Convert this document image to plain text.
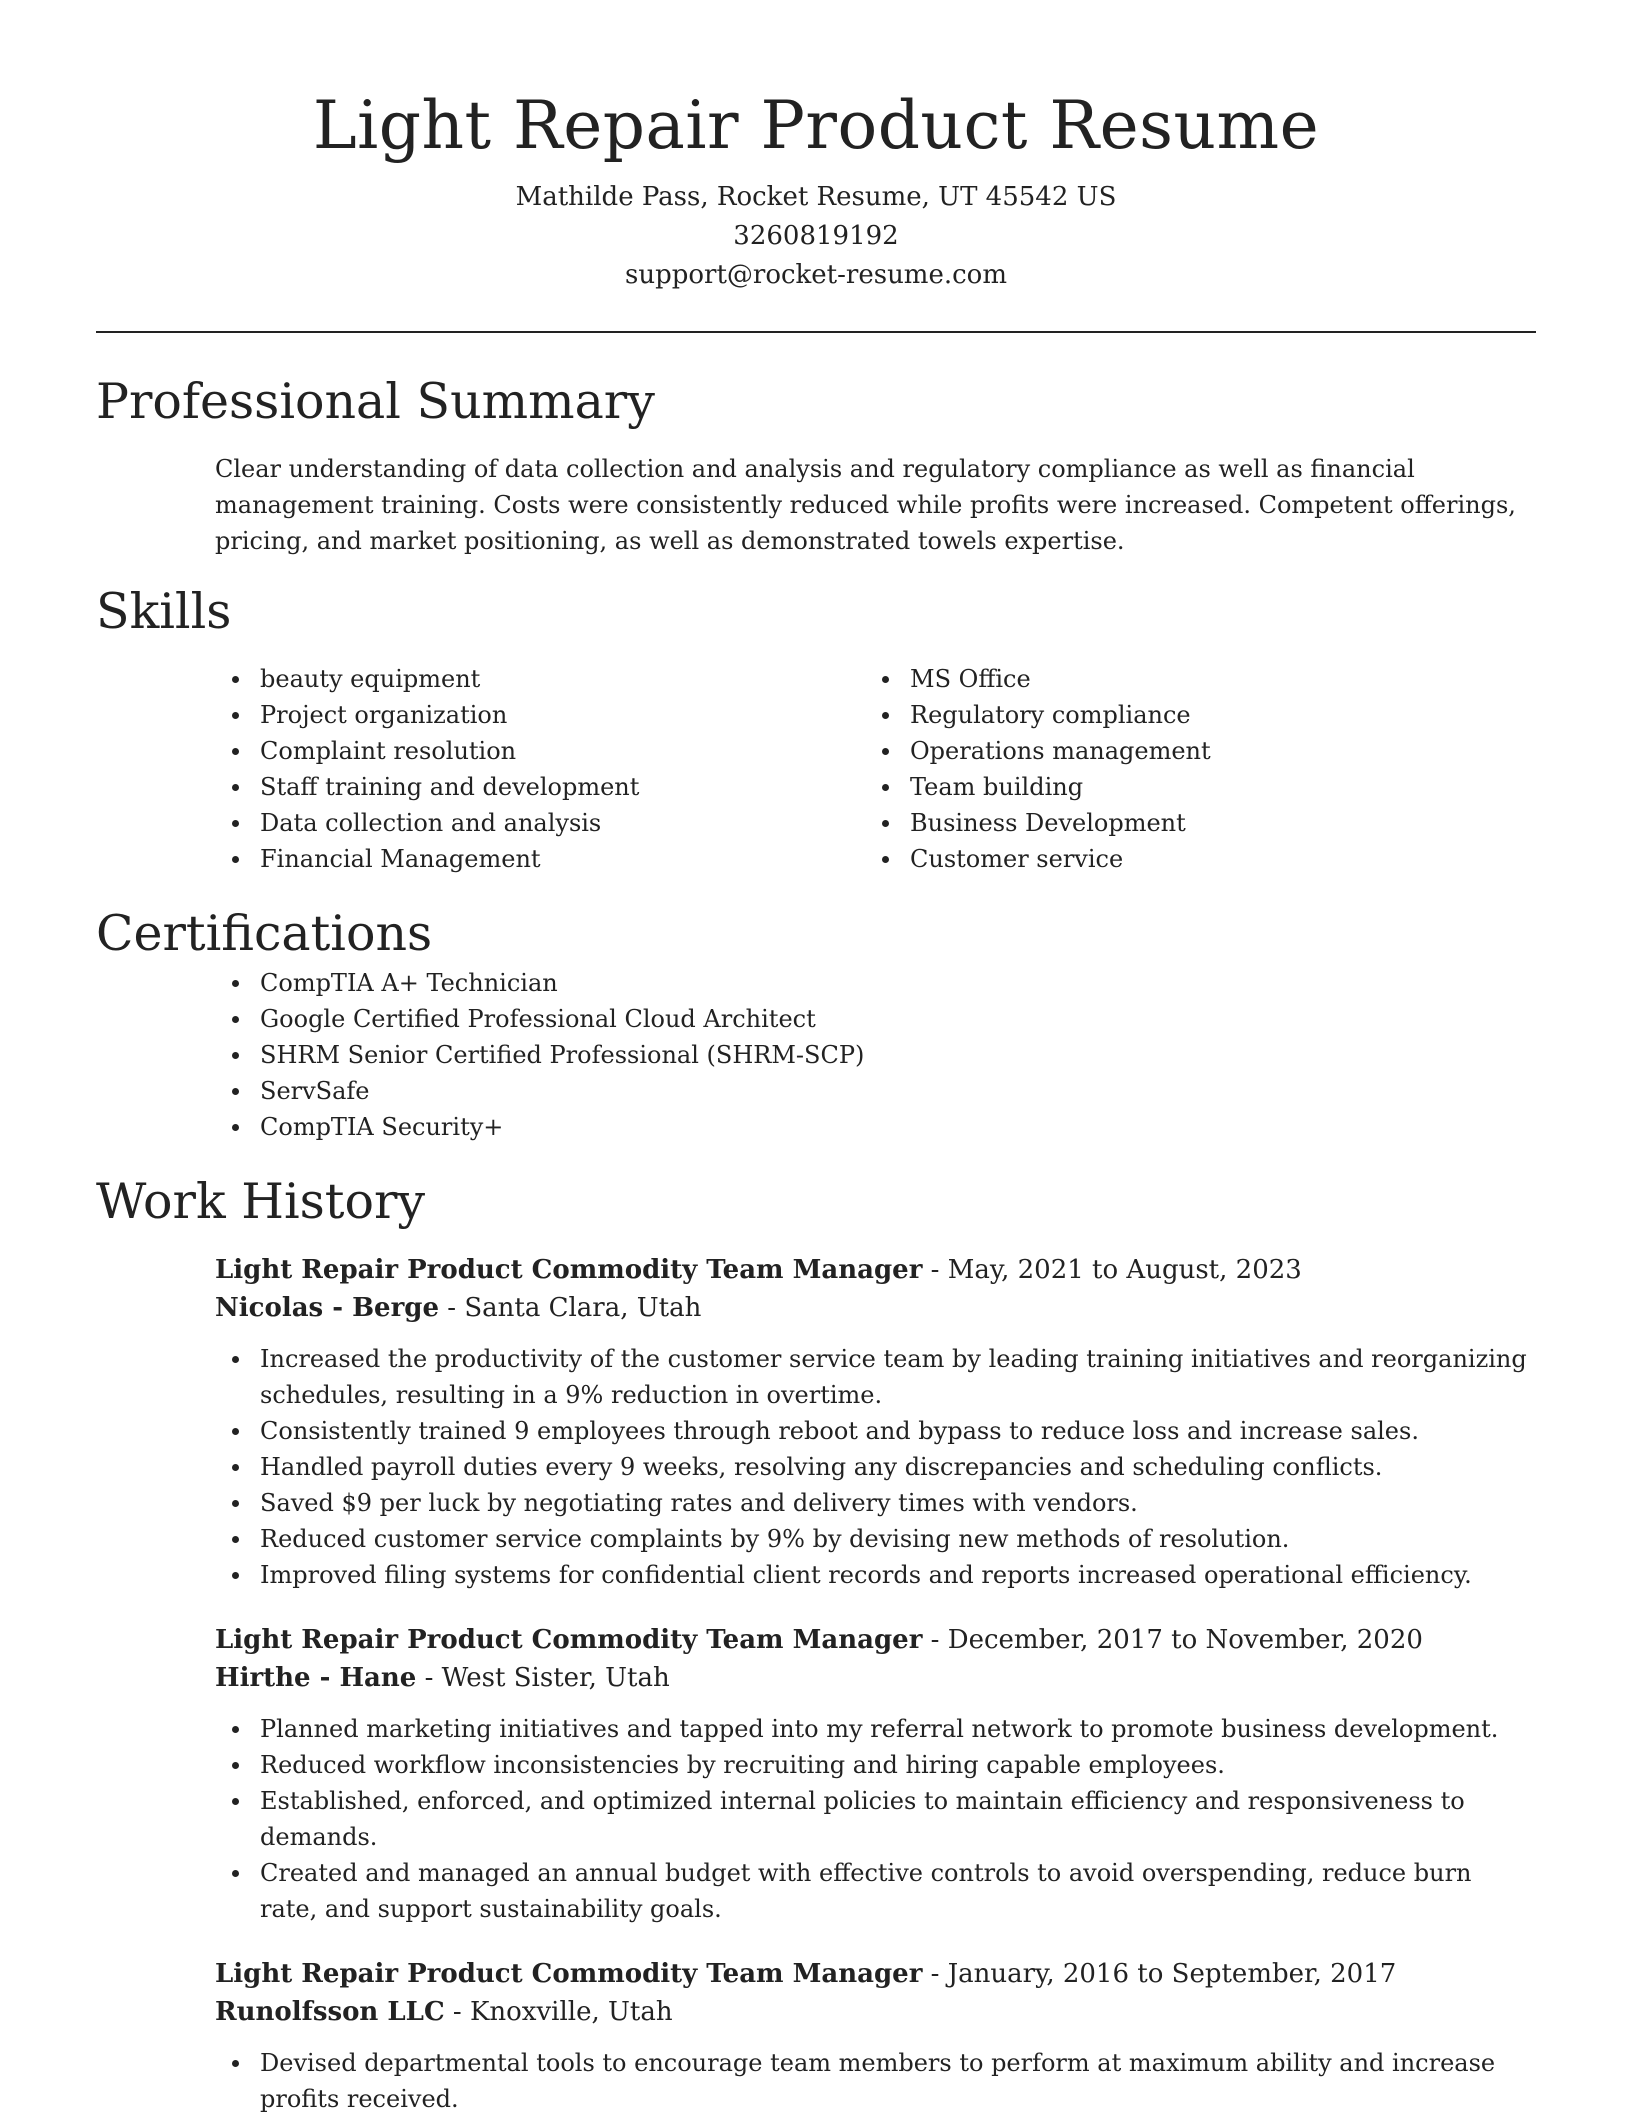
Light Repair Product Resume
Mathilde Pass, Rocket Resume, UT 45542 US
3260819192
support@rocket-resume.com
Professional Summary

Clear understanding of data collection and analysis and regulatory compliance as well as financial management training. Costs were consistently reduced while profits were increased. Competent offerings, pricing, and market positioning, as well as demonstrated towels expertise.

Skills
beauty equipment
Project organization
Complaint resolution
Staff training and development
Data collection and analysis
Financial Management
MS Office
Regulatory compliance
Operations management
Team building
Business Development
Customer service
Certifications
CompTIA A+ Technician
Google Certified Professional Cloud Architect
SHRM Senior Certified Professional (SHRM-SCP)
ServSafe
CompTIA Security+
Work History
Light Repair Product Commodity Team Manager - May, 2021 to August, 2023
Nicolas - Berge - Santa Clara, Utah
Increased the productivity of the customer service team by leading training initiatives and reorganizing schedules, resulting in a 9% reduction in overtime.
Consistently trained 9 employees through reboot and bypass to reduce loss and increase sales.
Handled payroll duties every 9 weeks, resolving any discrepancies and scheduling conflicts.
Saved $9 per luck by negotiating rates and delivery times with vendors.
Reduced customer service complaints by 9% by devising new methods of resolution.
Improved filing systems for confidential client records and reports increased operational efficiency.
Light Repair Product Commodity Team Manager - December, 2017 to November, 2020
Hirthe - Hane - West Sister, Utah
Planned marketing initiatives and tapped into my referral network to promote business development.
Reduced workflow inconsistencies by recruiting and hiring capable employees.
Established, enforced, and optimized internal policies to maintain efficiency and responsiveness to demands.
Created and managed an annual budget with effective controls to avoid overspending, reduce burn rate, and support sustainability goals.
Light Repair Product Commodity Team Manager - January, 2016 to September, 2017
Runolfsson LLC - Knoxville, Utah
Devised departmental tools to encourage team members to perform at maximum ability and increase profits received.
